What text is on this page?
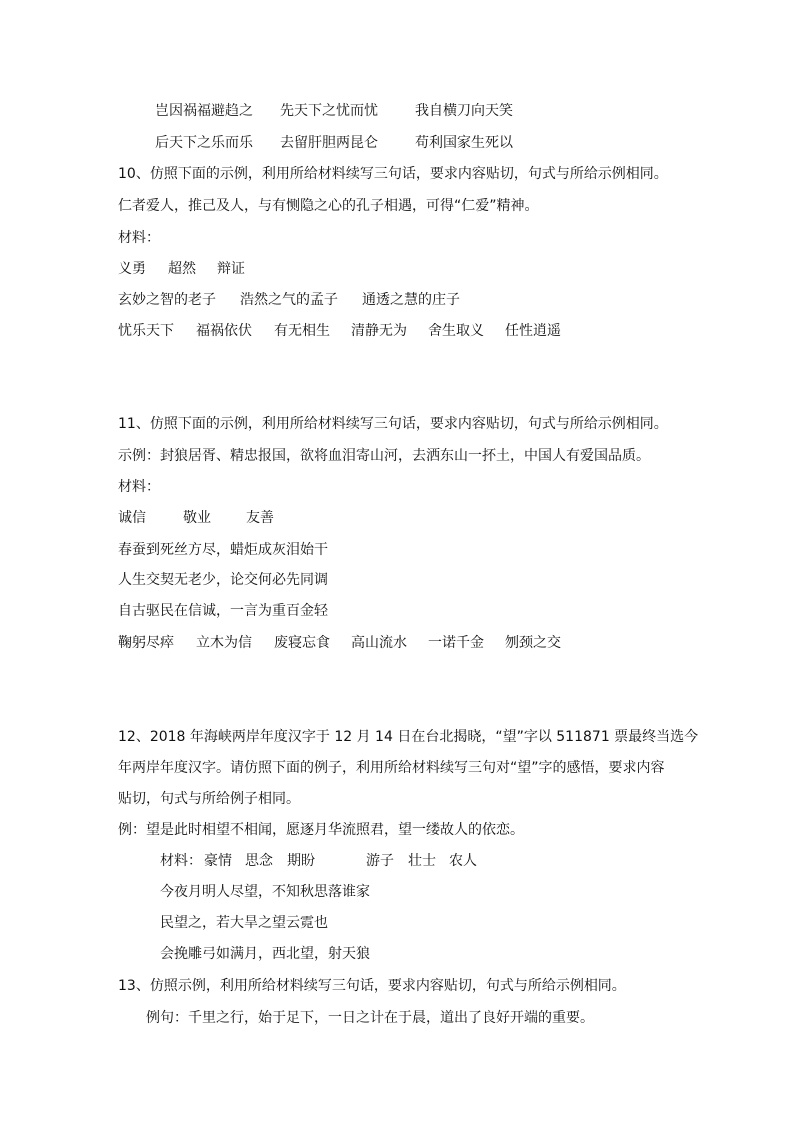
岂因祸福避趋之 先天下之忧而忧	我自横刀向天笑
后天下之乐而乐 去留肝胆两昆仑	苟利国家生死以
10、仿照下面的示例，利用所给材料续写三句话，要求内容贴切，句式与所给示例相同。
仁者爱人，推己及人，与有恻隐之心的孔子相遇，可得“仁爱”精神。
材料：
义勇 超然 辩证
玄妙之智的老子 浩然之气的孟子 通透之慧的庄子
忧乐天下 福祸依伏 有无相生 清静无为 舍生取义 任性逍遥
11、仿照下面的示例，利用所给材料续写三句话，要求内容贴切，句式与所给示例相同。
示例：封狼居胥、精忠报国，欲将血泪寄山河，去洒东山一抔土，中国人有爱国品质。
材料：
诚信	敬业	友善
春蚕到死丝方尽，蜡炬成灰泪始干
人生交契无老少，论交何必先同调
自古驱民在信诚，一言为重百金轻
鞠躬尽瘁 立木为信 废寝忘食 高山流水 一诺千金 刎颈之交
12、2018 年海峡两岸年度汉字于 12 月 14 日在台北揭晓，“望”字以 511871 票最终当选今
年两岸年度汉字。请仿照下面的例子，利用所给材料续写三句对“望”字的感悟，要求内容
贴切，句式与所给例子相同。
例：望是此时相望不相闻，愿逐月华流照君，望一缕故人的依恋。
材料： 豪情 思念 期盼	游子 壮士 农人
今夜月明人尽望，不知秋思落谁家
民望之，若大旱之望云霓也
会挽雕弓如满月，西北望，射天狼
13、仿照示例，利用所给材料续写三句话，要求内容贴切，句式与所给示例相同。
例句：千里之行，始于足下，一日之计在于晨，道出了良好开端的重要。
